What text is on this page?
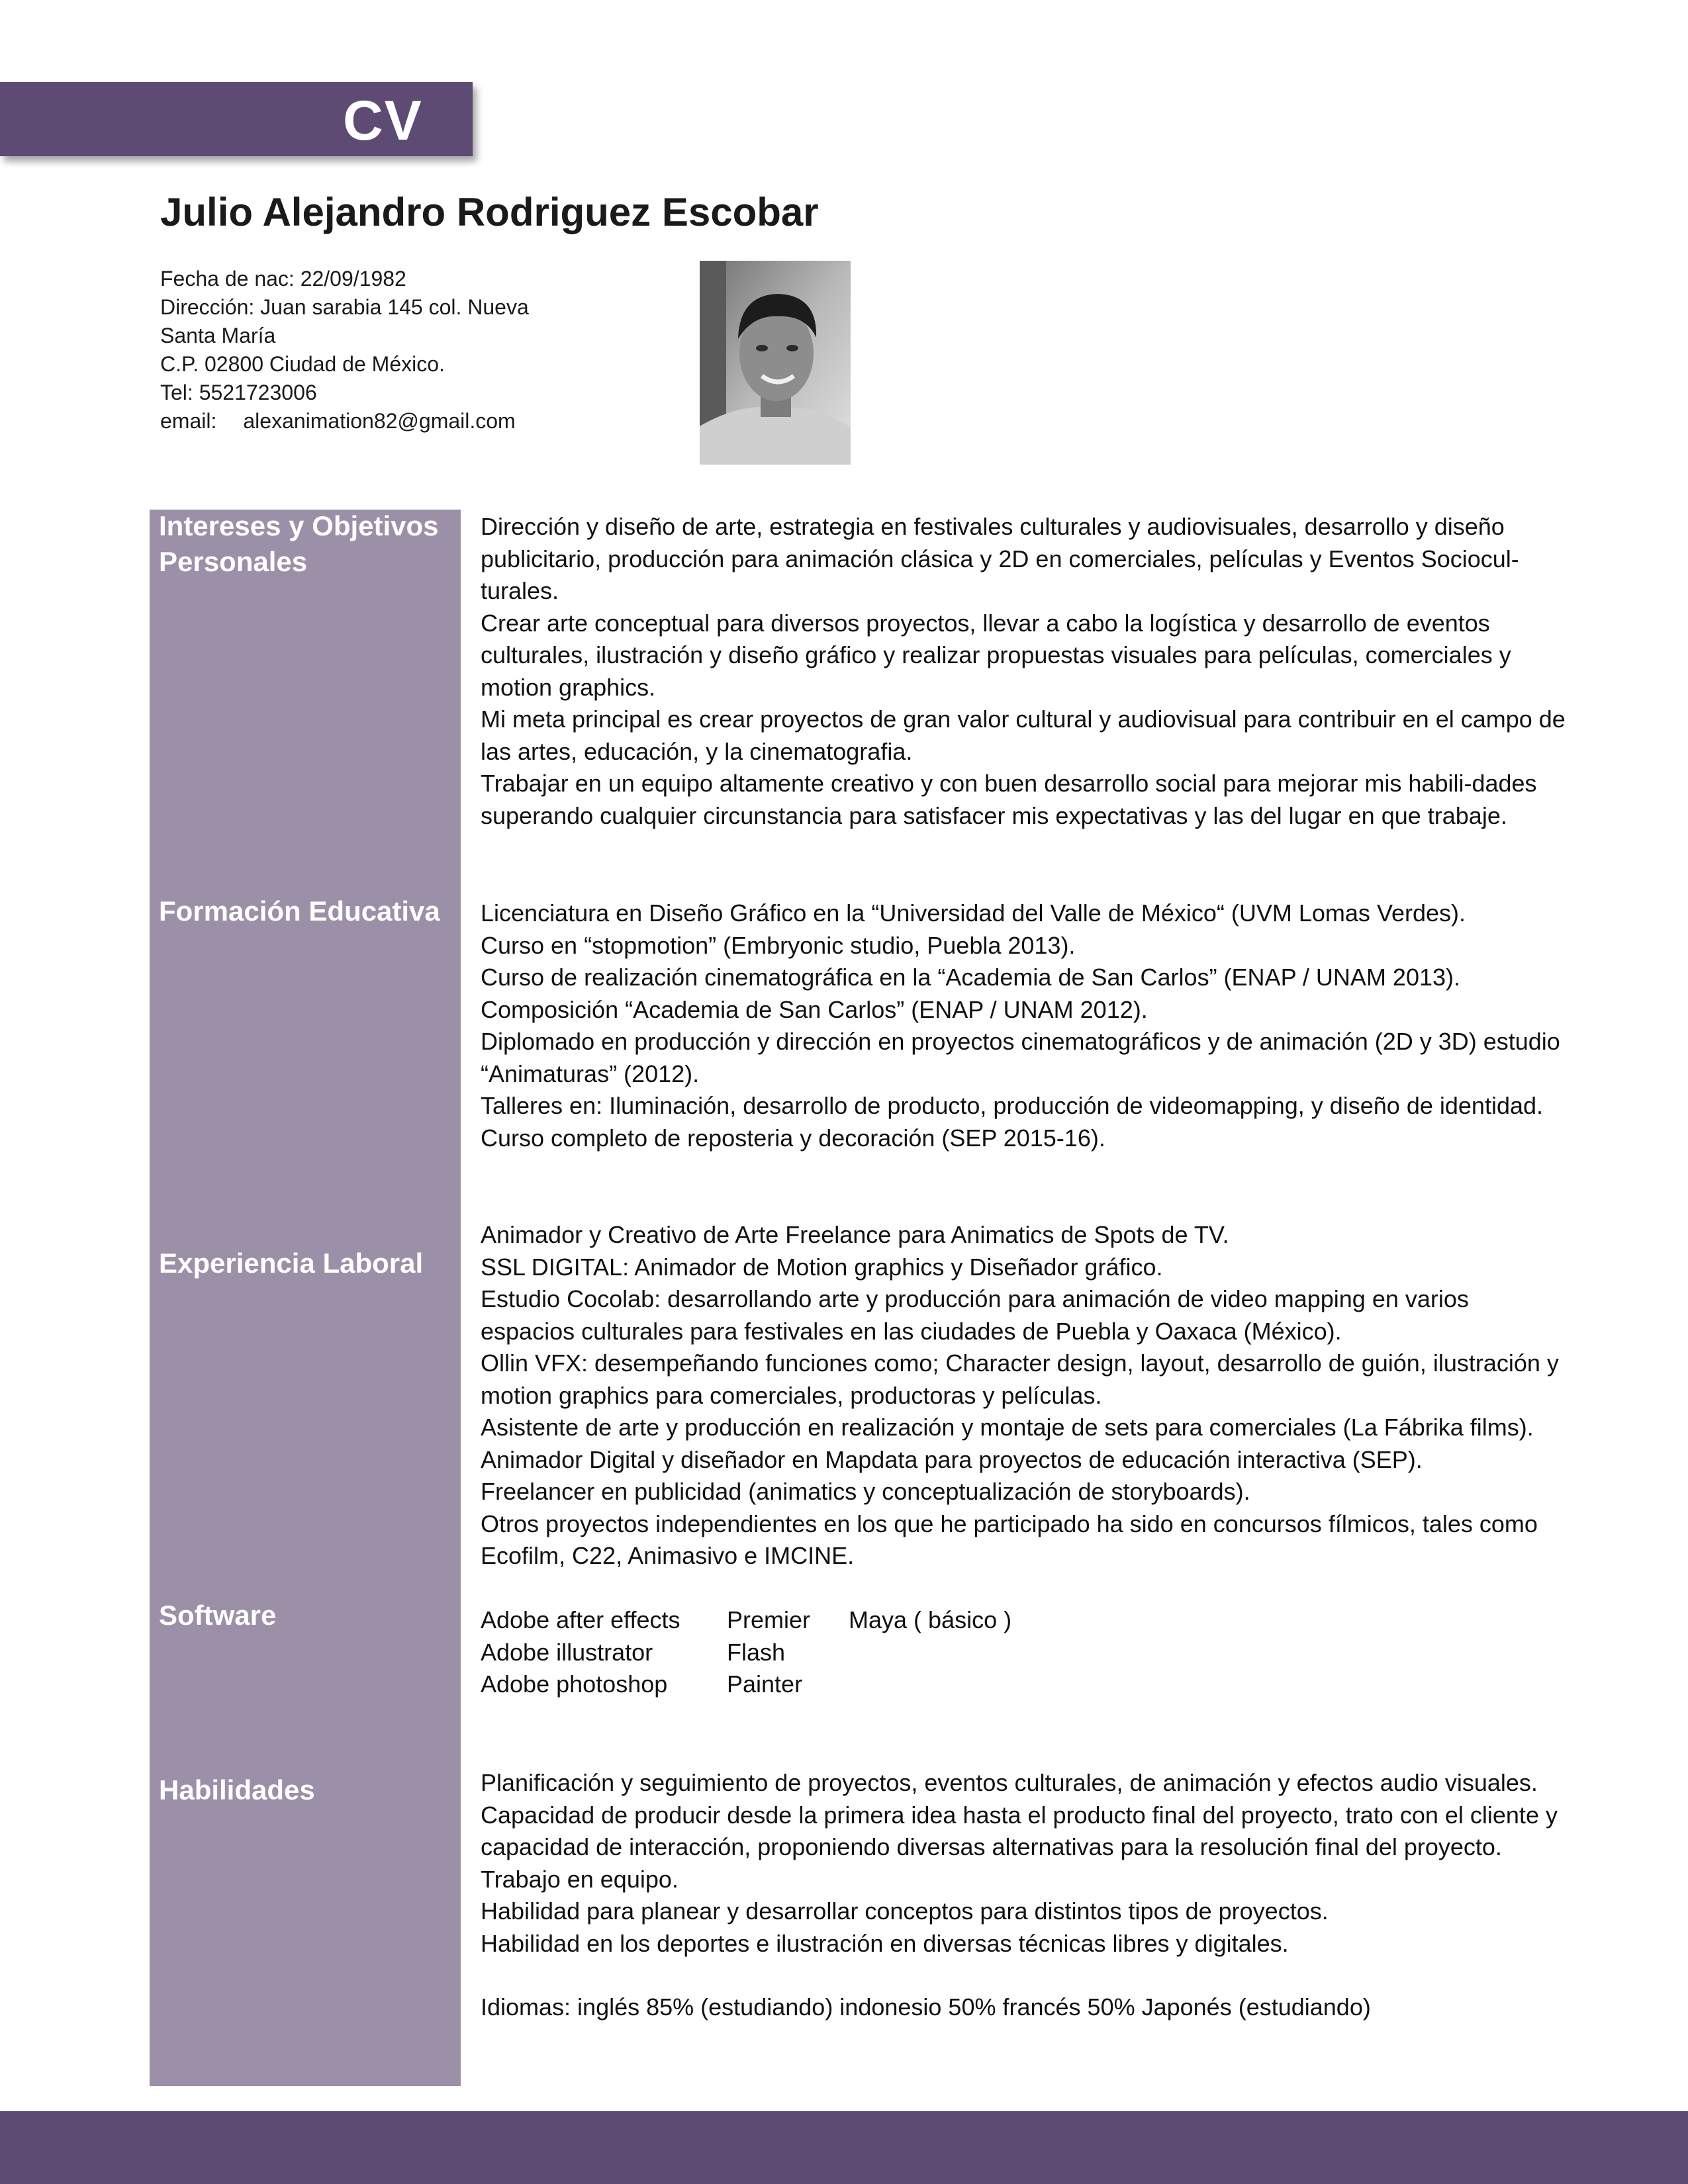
CV
Julio Alejandro Rodriguez Escobar
Fecha de nac: 22/09/1982
Dirección: Juan sarabia 145 col. Nueva
Santa María
C.P. 02800 Ciudad de México.
Tel: 5521723006
email: alexanimation82@gmail.com
Intereses y Objetivos Personales

Dirección y diseño de arte, estrategia en festivales culturales y audiovisuales, desarrollo y diseño publicitario, producción para animación clásica y 2D en comerciales, películas y Eventos Sociocul-turales.

Crear arte conceptual para diversos proyectos, llevar a cabo la logística y desarrollo de eventos culturales, ilustración y diseño gráfico y realizar propuestas visuales para películas, comerciales y motion graphics.

Mi meta principal es crear proyectos de gran valor cultural y audiovisual para contribuir en el campo de las artes, educación, y la cinematografia.

Trabajar en un equipo altamente creativo y con buen desarrollo social para mejorar mis habili-dades superando cualquier circunstancia para satisfacer mis expectativas y las del lugar en que trabaje.

Formación Educativa	Licenciatura en Diseño Gráfico en la “Universidad del Valle de México“ (UVM Lomas Verdes).

Curso en “stopmotion” (Embryonic studio, Puebla 2013).

Curso de realización cinematográfica en la “Academia de San Carlos” (ENAP / UNAM 2013).

Composición “Academia de San Carlos” (ENAP / UNAM 2012).

Diplomado en producción y dirección en proyectos cinematográficos y de animación (2D y 3D) estudio “Animaturas” (2012).

Talleres en: Iluminación, desarrollo de producto, producción de videomapping, y diseño de identidad.

Curso completo de reposteria y decoración (SEP 2015-16).

Experiencia Laboral

Animador y Creativo de Arte Freelance para Animatics de Spots de TV.

SSL DIGITAL: Animador de Motion graphics y Diseñador gráfico.

Estudio Cocolab: desarrollando arte y producción para animación de video mapping en varios espacios culturales para festivales en las ciudades de Puebla y Oaxaca (México).

Ollin VFX: desempeñando funciones como; Character design, layout, desarrollo de guión, ilustración y motion graphics para comerciales, productoras y películas.

Asistente de arte y producción en realización y montaje de sets para comerciales (La Fábrika films).

Animador Digital y diseñador en Mapdata para proyectos de educación interactiva (SEP).

Freelancer en publicidad (animatics y conceptualización de storyboards).

Otros proyectos independientes en los que he participado ha sido en concursos fílmicos, tales como Ecofilm, C22, Animasivo e IMCINE.

Software	Adobe after effects	Premier	Maya ( básico )
Adobe illustrator	Flash
Adobe photoshop	Painter
Habilidades	Planificación y seguimiento de proyectos, eventos culturales, de animación y efectos audio visuales.

Capacidad de producir desde la primera idea hasta el producto final del proyecto, trato con el cliente y capacidad de interacción, proponiendo diversas alternativas para la resolución final del proyecto.

Trabajo en equipo.

Habilidad para planear y desarrollar conceptos para distintos tipos de proyectos.

Habilidad en los deportes e ilustración en diversas técnicas libres y digitales.

Idiomas: inglés 85% (estudiando) indonesio 50% francés 50% Japonés (estudiando)
